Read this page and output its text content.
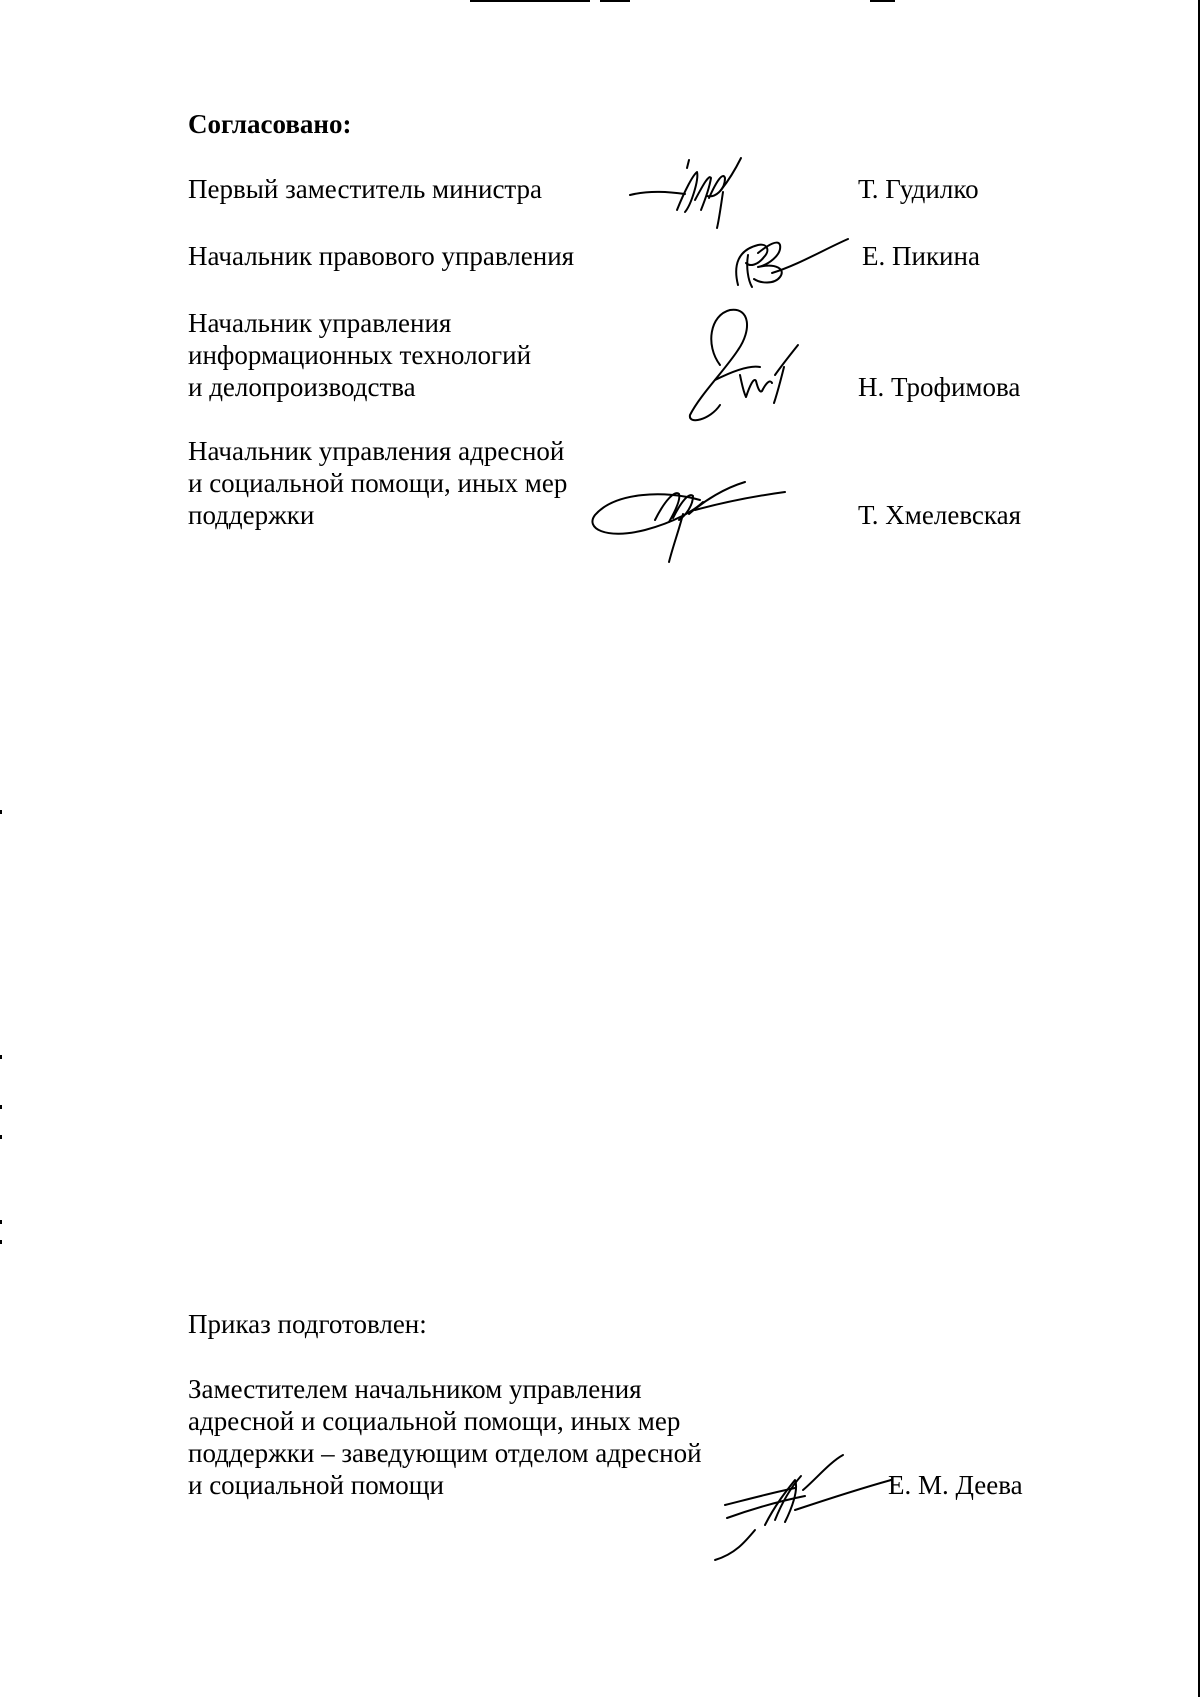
Согласовано:
Первый заместитель министра	Т. Гудилко
Начальник правового управления	Е. Пикина
Начальник управления
информационных технологий
и делопроизводства	Н. Трофимова
Начальник управления адресной
и социальной помощи, иных мер
поддержки	Т. Хмелевская
Приказ подготовлен:
Заместителем начальником управления
адресной и социальной помощи, иных мер
поддержки – заведующим отделом адресной
и социальной помощи	Е. М. Деева
